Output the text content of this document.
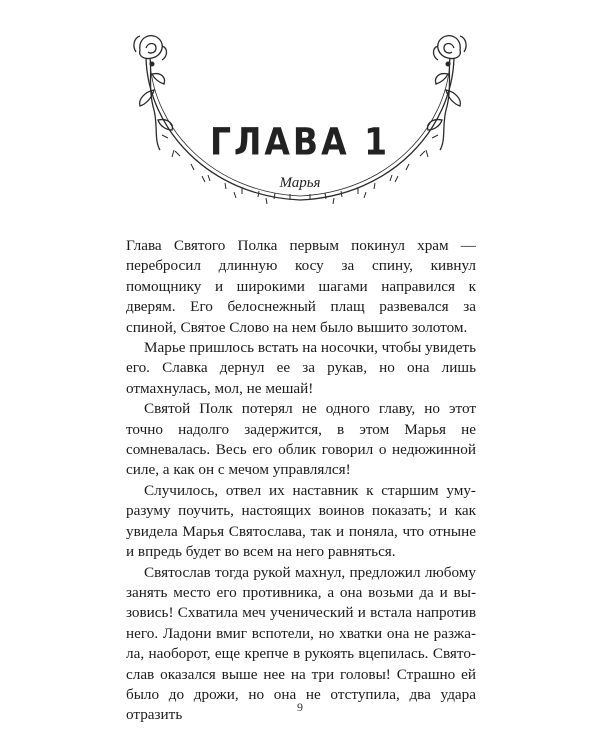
ГЛАВА 1
Марья

Глава Святого Полка первым покинул храм — перебросил длинную косу за спину, кивнул помощнику и широкими шагами направился к дверям. Его белоснежный плащ развевался за спиной, Святое Слово на нем было вышито золотом.

Марье пришлось встать на носочки, чтобы увидеть его. Славка дернул ее за рукав, но она лишь отмахнулась, мол, не мешай!

Святой Полк потерял не одного главу, но этот точно надолго задержится, в этом Марья не сомневалась. Весь его облик говорил о недюжинной силе, а как он с мечом управлялся!

Случилось, отвел их наставник к старшим уму-разуму поучить, настоящих воинов показать; и как увидела Марья Святослава, так и поняла, что отныне и впредь будет во всем на него равняться.

Святослав тогда рукой махнул, предложил любому занять место его противника, а она возьми да и вызовись! Схватила меч ученический и встала напротив него. Ладони вмиг вспотели, но хватки она не разжала, наоборот, еще крепче в рукоять вцепилась. Святослав оказался выше нее на три головы! Страшно ей было до дрожи, но она не отступила, два удара отразить	9
